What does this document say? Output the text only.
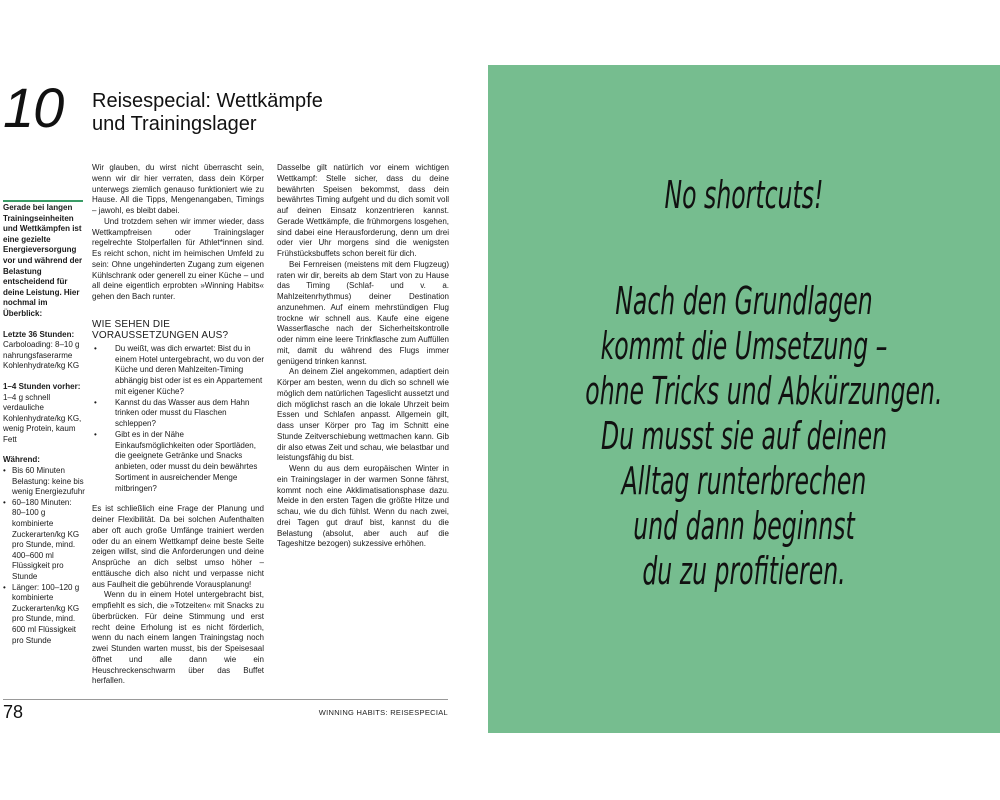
10 Reisespecial: Wettkämpfe und Trainingslager

Gerade bei langen Trainingseinheiten und Wettkämpfen ist eine gezielte Energieversorgung vor und während der Belastung entscheidend für deine Leistung. Hier nochmal im Überblick:

Letzte 36 Stunden:
Carboloading: 8–10 g nahrungsfaserarme Kohlenhydrate/kg KG

1–4 Stunden vorher:
1–4 g schnell verdauliche Kohlenhydrate/kg KG, wenig Protein, kaum Fett

Während:
• Bis 60 Minuten Belastung: keine bis wenig Energiezufuhr
• 60–180 Minuten: 80–100 g kombinierte Zuckerarten/kg KG pro Stunde, mind. 400–600 ml Flüssigkeit pro Stunde
• Länger: 100–120 g kombinierte Zuckerarten/kg KG pro Stunde, mind. 600 ml Flüssigkeit pro Stunde

Wir glauben, du wirst nicht überrascht sein, wenn wir dir hier verraten, dass dein Körper unterwegs ziemlich genauso funktioniert wie zu Hause. All die Tipps, Mengenangaben, Timings – jawohl, es bleibt dabei.

Und trotzdem sehen wir immer wieder, dass Wettkampfreisen oder Trainingslager regelrechte Stolperfallen für Athlet*innen sind. Es reicht schon, nicht im heimischen Umfeld zu sein: Ohne ungehinderten Zugang zum eigenen Kühlschrank oder generell zu einer Küche – und all deine eigentlich erprobten »Winning Habits« gehen den Bach runter.

WIE SEHEN DIE VORAUSSETZUNGEN AUS?
• Du weißt, was dich erwartet: Bist du in einem Hotel untergebracht, wo du von der Küche und deren Mahlzeiten-Timing abhängig bist oder ist es ein Appartement mit eigener Küche?
• Kannst du das Wasser aus dem Hahn trinken oder musst du Flaschen schleppen?
• Gibt es in der Nähe Einkaufsmöglichkeiten oder Sportläden, die geeignete Getränke und Snacks anbieten, oder musst du dein bewährtes Sortiment in ausreichender Menge mitbringen?

Es ist schließlich eine Frage der Planung und deiner Flexibilität. Da bei solchen Aufenthalten aber oft auch große Umfänge trainiert werden oder du an einem Wettkampf deine beste Seite zeigen willst, sind die Anforderungen und deine Ansprüche an dich selbst umso höher – enttäusche dich also nicht und verpasse nicht aus Faulheit die gebührende Vorausplanung!

Wenn du in einem Hotel untergebracht bist, empfiehlt es sich, die »Totzeiten« mit Snacks zu überbrücken. Für deine Stimmung und erst recht deine Erholung ist es nicht förderlich, wenn du nach einem langen Trainingstag noch zwei Stunden warten musst, bis der Speisesaal öffnet und alle dann wie ein Heuschreckenschwarm über das Buffet herfallen.

Dasselbe gilt natürlich vor einem wichtigen Wettkampf: Stelle sicher, dass du deine bewährten Speisen bekommst, dass dein bewährtes Timing aufgeht und du dich somit voll auf deinen Einsatz konzentrieren kannst. Gerade Wettkämpfe, die frühmorgens losgehen, sind dabei eine Herausforderung, denn um drei oder vier Uhr morgens sind die wenigsten Frühstücksbuffets schon bereit für dich.

Bei Fernreisen (meistens mit dem Flugzeug) raten wir dir, bereits ab dem Start von zu Hause das Timing (Schlaf- und v. a. Mahlzeitenrhythmus) deiner Destination anzunehmen. Auf einem mehrstündigen Flug trockne wir schnell aus. Kaufe eine eigene Wasserflasche nach der Sicherheitskontrolle oder nimm eine leere Trinkflasche zum Auffüllen mit, damit du während des Flugs immer genügend trinken kannst.

An deinem Ziel angekommen, adaptiert dein Körper am besten, wenn du dich so schnell wie möglich dem natürlichen Tageslicht aussetzt und dich möglichst rasch an die lokale Uhrzeit beim Essen und Schlafen anpasst. Allgemein gilt, dass unser Körper pro Tag im Schnitt eine Stunde Zeitverschiebung wettmachen kann. Gib dir also etwas Zeit und schau, wie belastbar und leistungsfähig du bist.

Wenn du aus dem europäischen Winter in ein Trainingslager in der warmen Sonne fährst, kommt noch eine Akklimatisationsphase dazu. Meide in den ersten Tagen die größte Hitze und schau, wie du dich fühlst. Wenn du nach zwei, drei Tagen gut drauf bist, kannst du die Belastung (absolut, aber auch auf die Tageshitze bezogen) sukzessive erhöhen.

78	WINNING HABITS: REISESPECIAL
No shortcuts!
Nach den Grundlagen
kommt die Umsetzung –
ohne Tricks und Abkürzungen.
Du musst sie auf deinen
Alltag runterbrechen
und dann beginnst
du zu profitieren.
